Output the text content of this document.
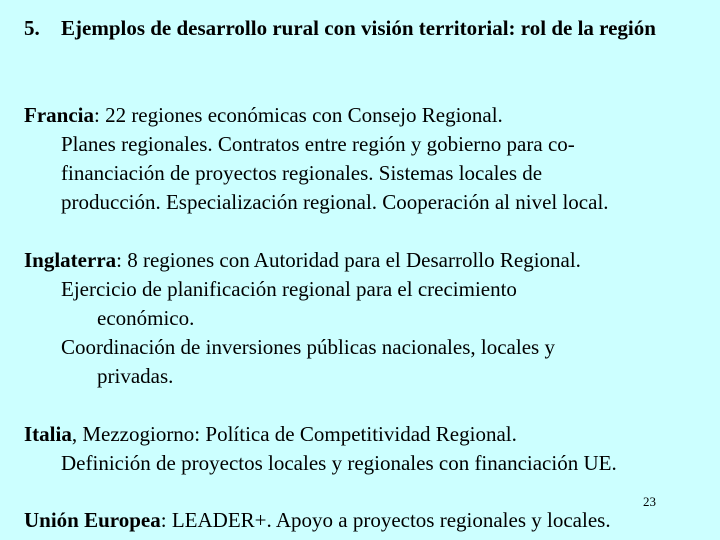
5. Ejemplos de desarrollo rural con visión territorial: rol de la región
Francia: 22 regiones económicas con Consejo Regional.
Planes regionales. Contratos entre región y gobierno para co-
financiación de proyectos regionales. Sistemas locales de
producción. Especialización regional. Cooperación al nivel local.
Inglaterra: 8 regiones con Autoridad para el Desarrollo Regional.
Ejercicio de planificación regional para el crecimiento
económico.
Coordinación de inversiones públicas nacionales, locales y
privadas.
Italia, Mezzogiorno: Política de Competitividad Regional.
Definición de proyectos locales y regionales con financiación UE.
23
Unión Europea: LEADER+. Apoyo a proyectos regionales y locales.
